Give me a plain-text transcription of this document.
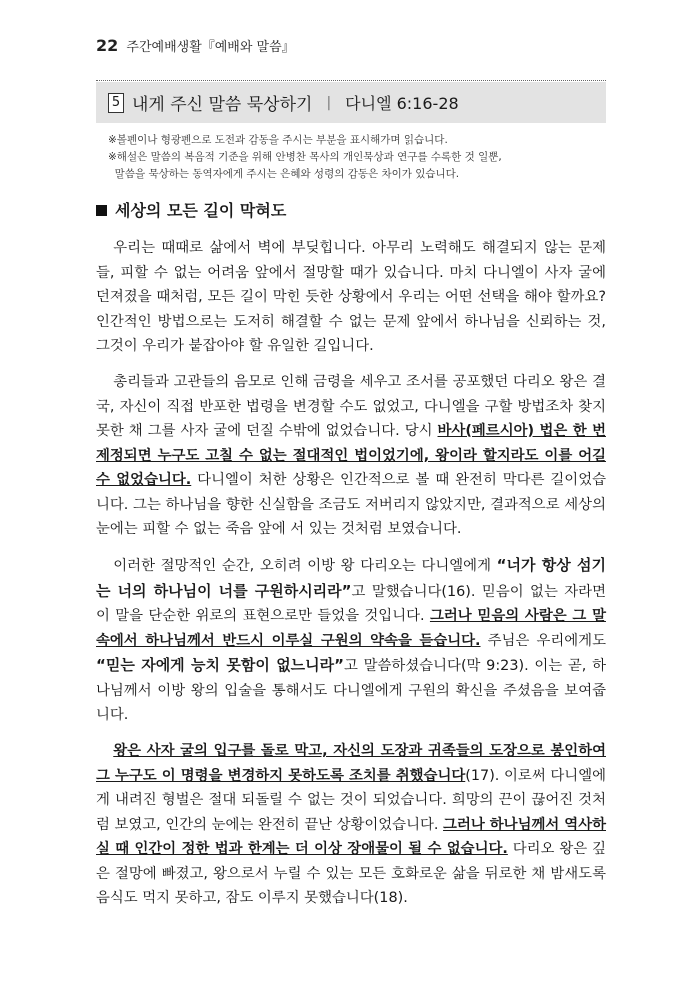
22 주간예배생활『예배와 말씀』
5 내게 주신 말씀 묵상하기 | 다니엘 6:16-28
※볼펜이나 형광펜으로 도전과 감동을 주시는 부분을 표시해가며 읽습니다.
※해설은 말씀의 복음적 기준을 위해 안병찬 목사의 개인묵상과 연구를 수록한 것 일뿐,
말씀을 묵상하는 동역자에게 주시는 은혜와 성령의 감동은 차이가 있습니다.
세상의 모든 길이 막혀도

우리는 때때로 삶에서 벽에 부딪힙니다. 아무리 노력해도 해결되지 않는 문제들, 피할 수 없는 어려움 앞에서 절망할 때가 있습니다. 마치 다니엘이 사자 굴에 던져졌을 때처럼, 모든 길이 막힌 듯한 상황에서 우리는 어떤 선택을 해야 할까요? 인간적인 방법으로는 도저히 해결할 수 없는 문제 앞에서 하나님을 신뢰하는 것, 그것이 우리가 붙잡아야 할 유일한 길입니다.

총리들과 고관들의 음모로 인해 금령을 세우고 조서를 공포했던 다리오 왕은 결국, 자신이 직접 반포한 법령을 변경할 수도 없었고, 다니엘을 구할 방법조차 찾지 못한 채 그를 사자 굴에 던질 수밖에 없었습니다. 당시 바사(페르시아) 법은 한 번 제정되면 누구도 고칠 수 없는 절대적인 법이었기에, 왕이라 할지라도 이를 어길 수 없었습니다. 다니엘이 처한 상황은 인간적으로 볼 때 완전히 막다른 길이었습니다. 그는 하나님을 향한 신실함을 조금도 저버리지 않았지만, 결과적으로 세상의 눈에는 피할 수 없는 죽음 앞에 서 있는 것처럼 보였습니다.

이러한 절망적인 순간, 오히려 이방 왕 다리오는 다니엘에게 “너가 항상 섬기는 너의 하나님이 너를 구원하시리라”고 말했습니다(16). 믿음이 없는 자라면 이 말을 단순한 위로의 표현으로만 들었을 것입니다. 그러나 믿음의 사람은 그 말 속에서 하나님께서 반드시 이루실 구원의 약속을 듣습니다. 주님은 우리에게도 “믿는 자에게 능치 못함이 없느니라”고 말씀하셨습니다(막 9:23). 이는 곧, 하나님께서 이방 왕의 입술을 통해서도 다니엘에게 구원의 확신을 주셨음을 보여줍니다.

왕은 사자 굴의 입구를 돌로 막고, 자신의 도장과 귀족들의 도장으로 봉인하여 그 누구도 이 명령을 변경하지 못하도록 조치를 취했습니다(17). 이로써 다니엘에게 내려진 형벌은 절대 되돌릴 수 없는 것이 되었습니다. 희망의 끈이 끊어진 것처럼 보였고, 인간의 눈에는 완전히 끝난 상황이었습니다. 그러나 하나님께서 역사하실 때 인간이 정한 법과 한계는 더 이상 장애물이 될 수 없습니다. 다리오 왕은 깊은 절망에 빠졌고, 왕으로서 누릴 수 있는 모든 호화로운 삶을 뒤로한 채 밤새도록 음식도 먹지 못하고, 잠도 이루지 못했습니다(18).
